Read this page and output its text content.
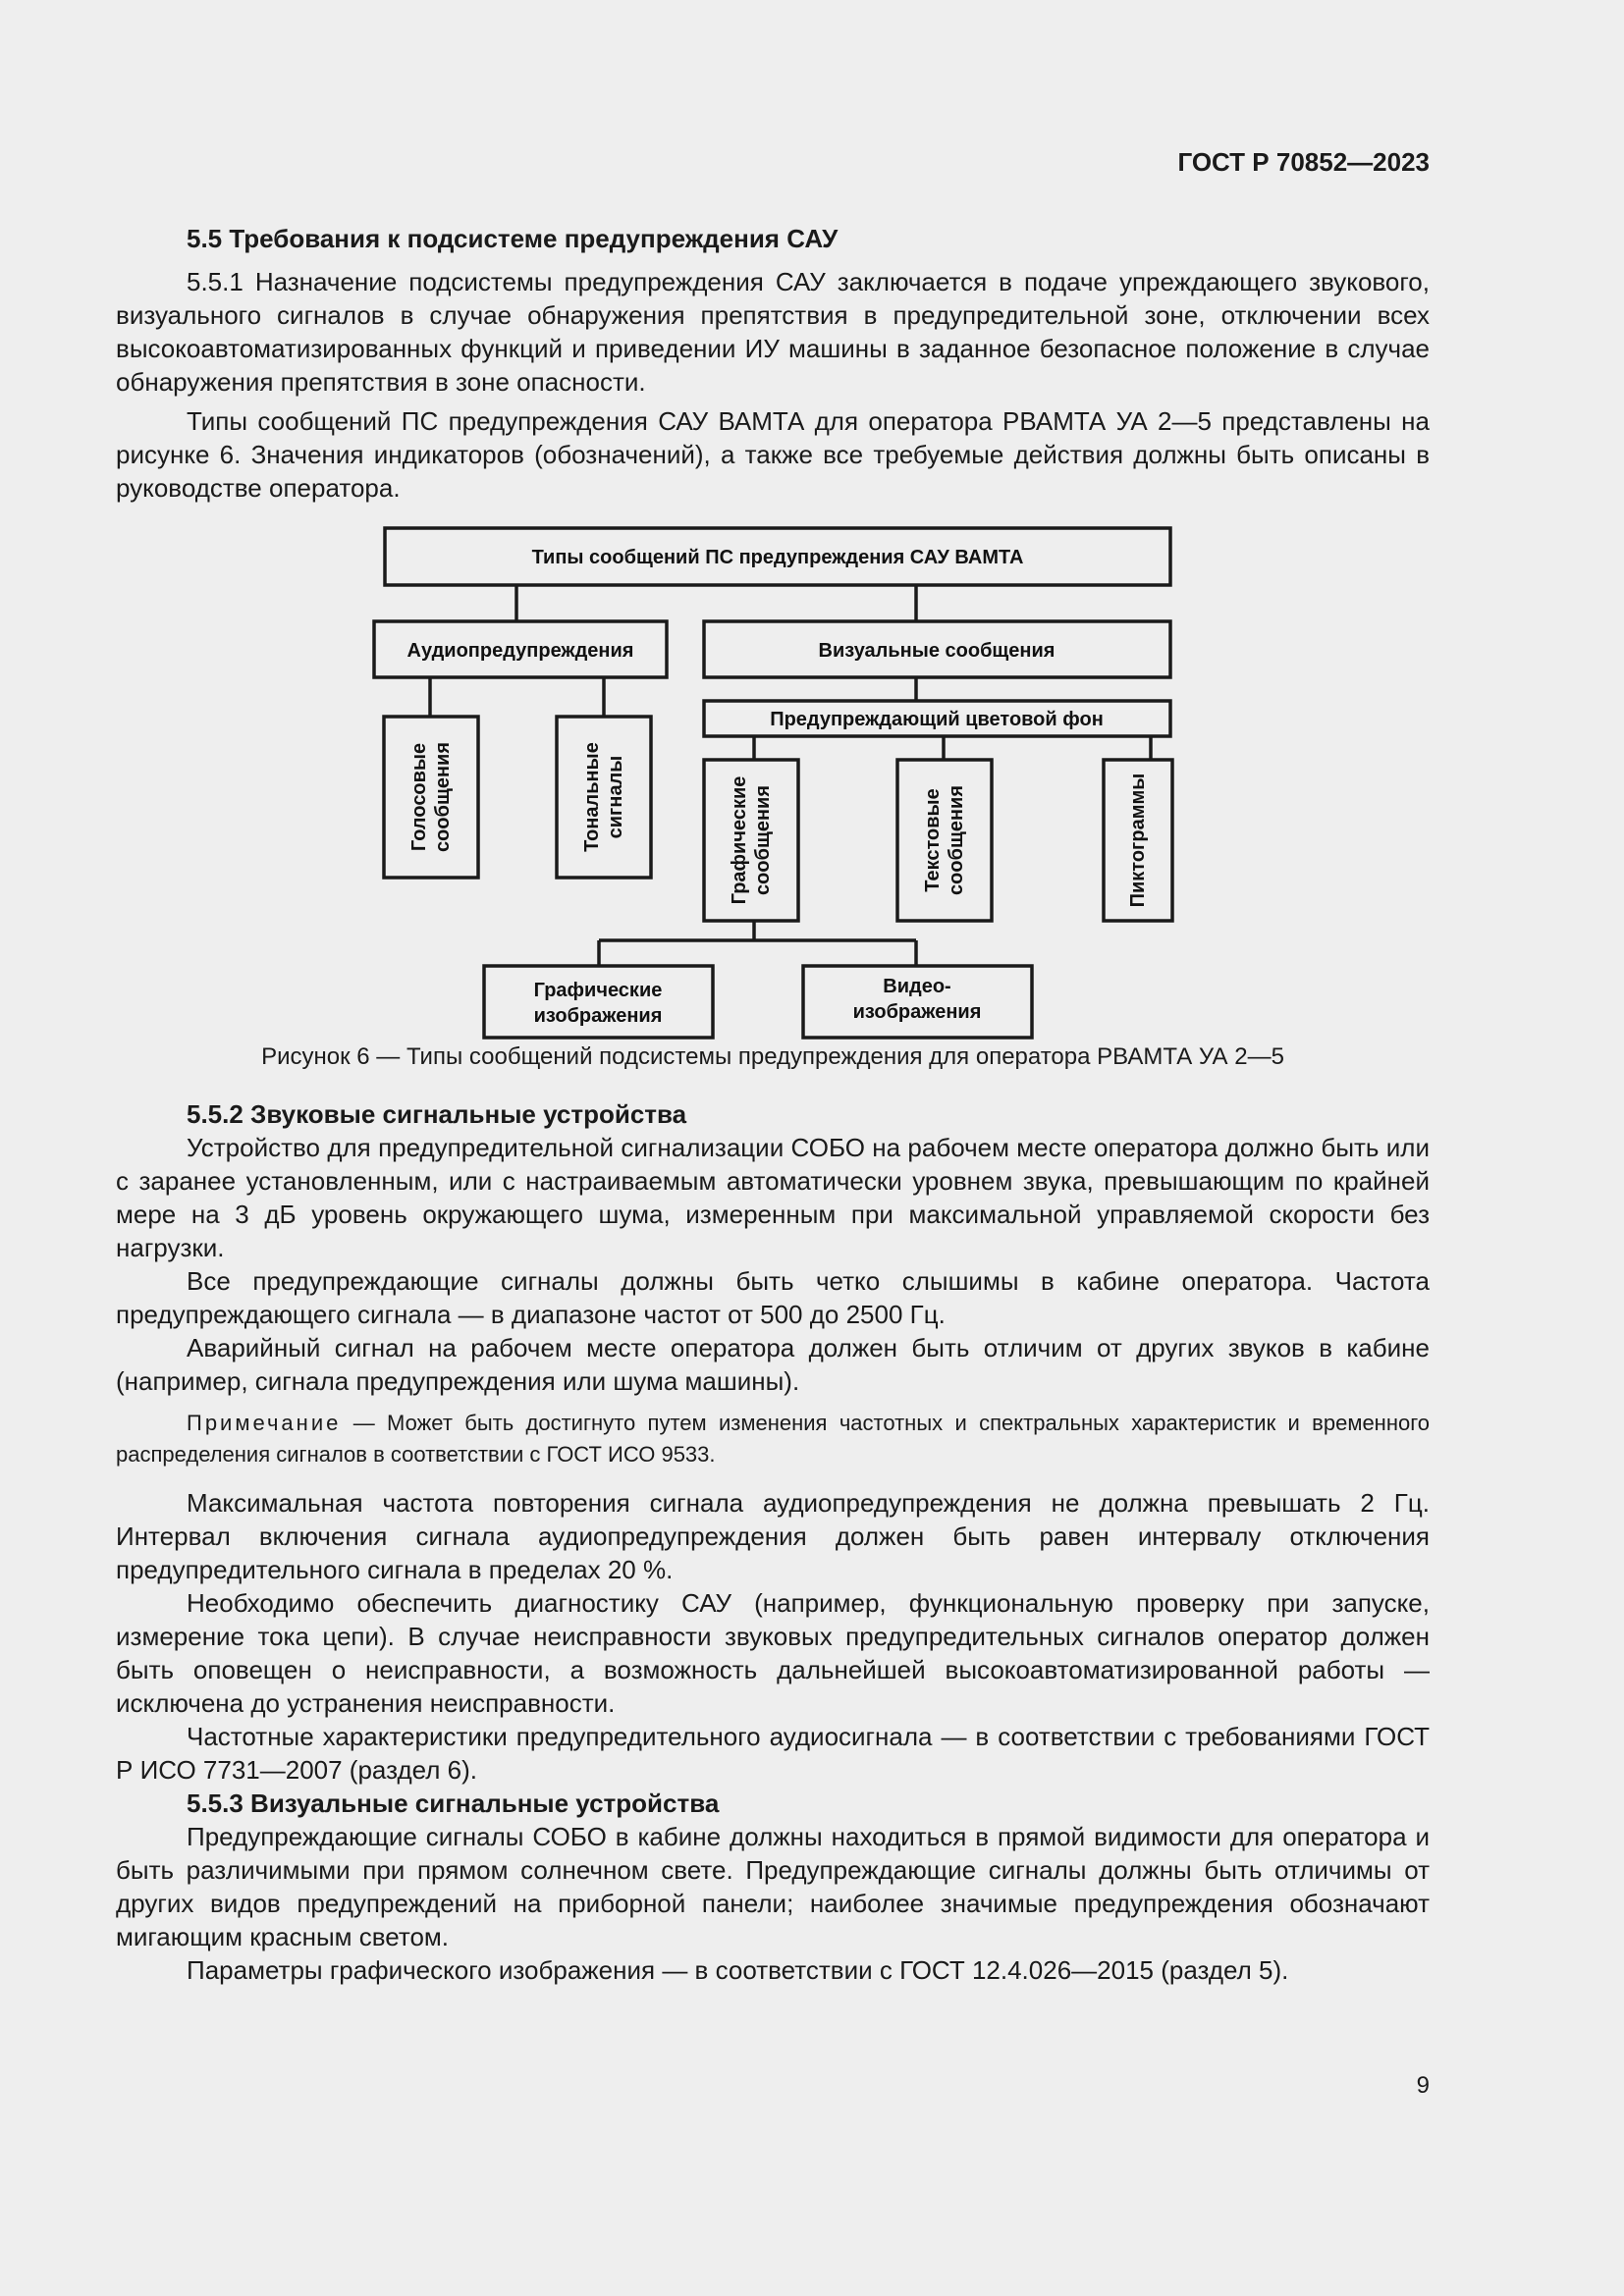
ГОСТ Р 70852—2023
5.5 Требования к подсистеме предупреждения САУ

5.5.1 Назначение подсистемы предупреждения САУ заключается в подаче упреждающего звукового, визуального сигналов в случае обнаружения препятствия в предупредительной зоне, отключении всех высокоавтоматизированных функций и приведении ИУ машины в заданное безопасное положение в случае обнаружения препятствия в зоне опасности.

Типы сообщений ПС предупреждения САУ ВАМТА для оператора РВАМТА УА 2—5 представлены на рисунке 6. Значения индикаторов (обозначений), а также все требуемые действия должны быть описаны в руководстве оператора.

Типы сообщений ПС предупреждения САУ ВАМТА
Аудиопредупреждения	Визуальные сообщения
Предупреждающий цветовой фон
Голосовые сообщения	Тональные сигналы	Графические сообщения	Текстовые сообщения	Пиктограммы
Графические
изображения
Видео-
изображения
Рисунок 6 — Типы сообщений подсистемы предупреждения для оператора РВАМТА УА 2—5
5.5.2 Звуковые сигнальные устройства

Устройство для предупредительной сигнализации СОБО на рабочем месте оператора должно быть или с заранее установленным, или с настраиваемым автоматически уровнем звука, превышающим по крайней мере на 3 дБ уровень окружающего шума, измеренным при максимальной управляемой скорости без нагрузки.

Все предупреждающие сигналы должны быть четко слышимы в кабине оператора. Частота предупреждающего сигнала — в диапазоне частот от 500 до 2500 Гц.

Аварийный сигнал на рабочем месте оператора должен быть отличим от других звуков в кабине (например, сигнала предупреждения или шума машины).

Примечание — Может быть достигнуто путем изменения частотных и спектральных характеристик и временного распределения сигналов в соответствии с ГОСТ ИСО 9533.

Максимальная частота повторения сигнала аудиопредупреждения не должна превышать 2 Гц. Интервал включения сигнала аудиопредупреждения должен быть равен интервалу отключения предупредительного сигнала в пределах 20 %.

Необходимо обеспечить диагностику САУ (например, функциональную проверку при запуске, измерение тока цепи). В случае неисправности звуковых предупредительных сигналов оператор должен быть оповещен о неисправности, а возможность дальнейшей высокоавтоматизированной работы — исключена до устранения неисправности.

Частотные характеристики предупредительного аудиосигнала — в соответствии с требованиями ГОСТ Р ИСО 7731—2007 (раздел 6).

5.5.3 Визуальные сигнальные устройства

Предупреждающие сигналы СОБО в кабине должны находиться в прямой видимости для оператора и быть различимыми при прямом солнечном свете. Предупреждающие сигналы должны быть отличимы от других видов предупреждений на приборной панели; наиболее значимые предупреждения обозначают мигающим красным светом.

Параметры графического изображения — в соответствии с ГОСТ 12.4.026—2015 (раздел 5).

9
